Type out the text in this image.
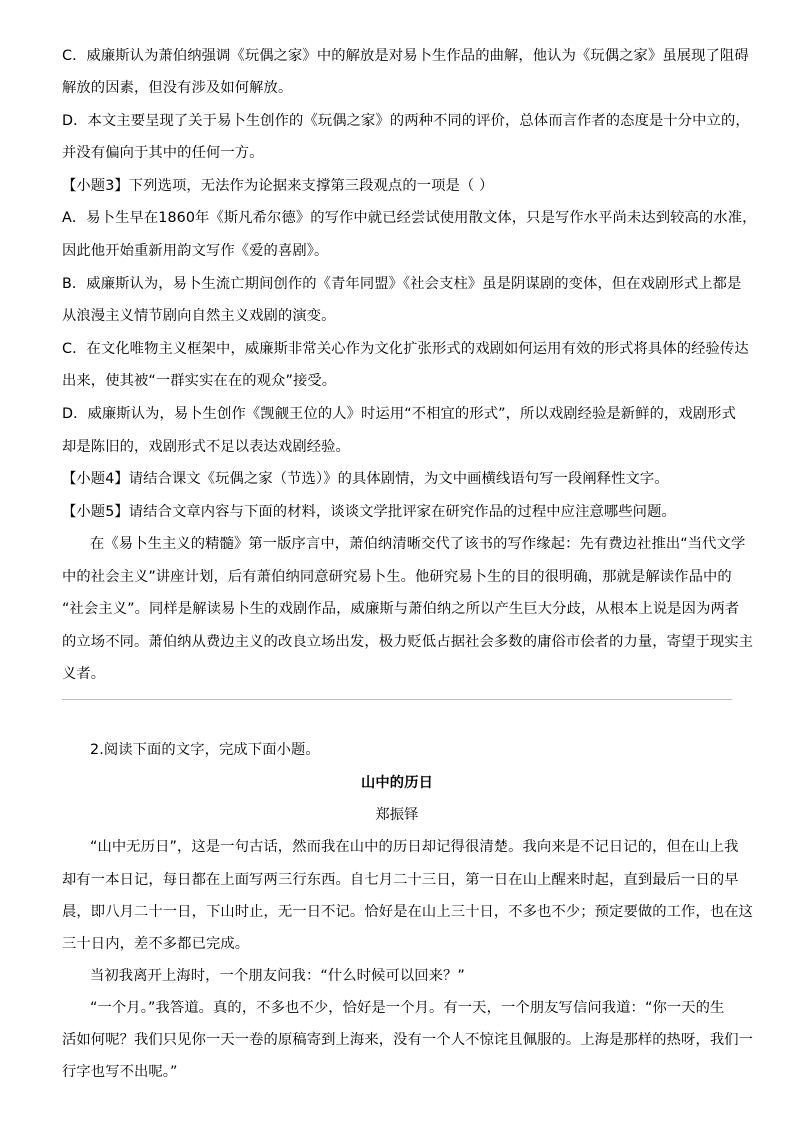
C．威廉斯认为萧伯纳强调《玩偶之家》中的解放是对易卜生作品的曲解，他认为《玩偶之家》虽展现了阻碍
解放的因素，但没有涉及如何解放。
D．本文主要呈现了关于易卜生创作的《玩偶之家》的两种不同的评价，总体而言作者的态度是十分中立的，
并没有偏向于其中的任何一方。
【小题3】下列选项，无法作为论据来支撑第三段观点的一项是（ ）
A．易卜生早在1860年《斯凡希尔德》的写作中就已经尝试使用散文体，只是写作水平尚未达到较高的水准，
因此他开始重新用韵文写作《爱的喜剧》。
B．威廉斯认为，易卜生流亡期间创作的《青年同盟》《社会支柱》虽是阴谋剧的变体，但在戏剧形式上都是
从浪漫主义情节剧向自然主义戏剧的演变。
C．在文化唯物主义框架中，威廉斯非常关心作为文化扩张形式的戏剧如何运用有效的形式将具体的经验传达
出来，使其被“一群实实在在的观众”接受。
D．威廉斯认为，易卜生创作《觊觎王位的人》时运用“不相宜的形式”，所以戏剧经验是新鲜的，戏剧形式
却是陈旧的，戏剧形式不足以表达戏剧经验。
【小题4】请结合课文《玩偶之家（节选）》的具体剧情，为文中画横线语句写一段阐释性文字。
【小题5】请结合文章内容与下面的材料，谈谈文学批评家在研究作品的过程中应注意哪些问题。
在《易卜生主义的精髓》第一版序言中，萧伯纳清晰交代了该书的写作缘起：先有费边社推出“当代文学
中的社会主义”讲座计划，后有萧伯纳同意研究易卜生。他研究易卜生的目的很明确，那就是解读作品中的
“社会主义”。同样是解读易卜生的戏剧作品，威廉斯与萧伯纳之所以产生巨大分歧，从根本上说是因为两者
的立场不同。萧伯纳从费边主义的改良立场出发，极力贬低占据社会多数的庸俗市侩者的力量，寄望于现实主
义者。
2.阅读下面的文字，完成下面小题。
山中的历日
郑振铎
“山中无历日”，这是一句古话，然而我在山中的历日却记得很清楚。我向来是不记日记的，但在山上我
却有一本日记，每日都在上面写两三行东西。自七月二十三日，第一日在山上醒来时起，直到最后一日的早
晨，即八月二十一日，下山时止，无一日不记。恰好是在山上三十日，不多也不少；预定要做的工作，也在这
三十日内，差不多都已完成。
当初我离开上海时，一个朋友问我：“什么时候可以回来？”
“一个月。”我答道。真的，不多也不少，恰好是一个月。有一天，一个朋友写信问我道：“你一天的生
活如何呢？我们只见你一天一卷的原稿寄到上海来，没有一个人不惊诧且佩服的。上海是那样的热呀，我们一
行字也写不出呢。”
